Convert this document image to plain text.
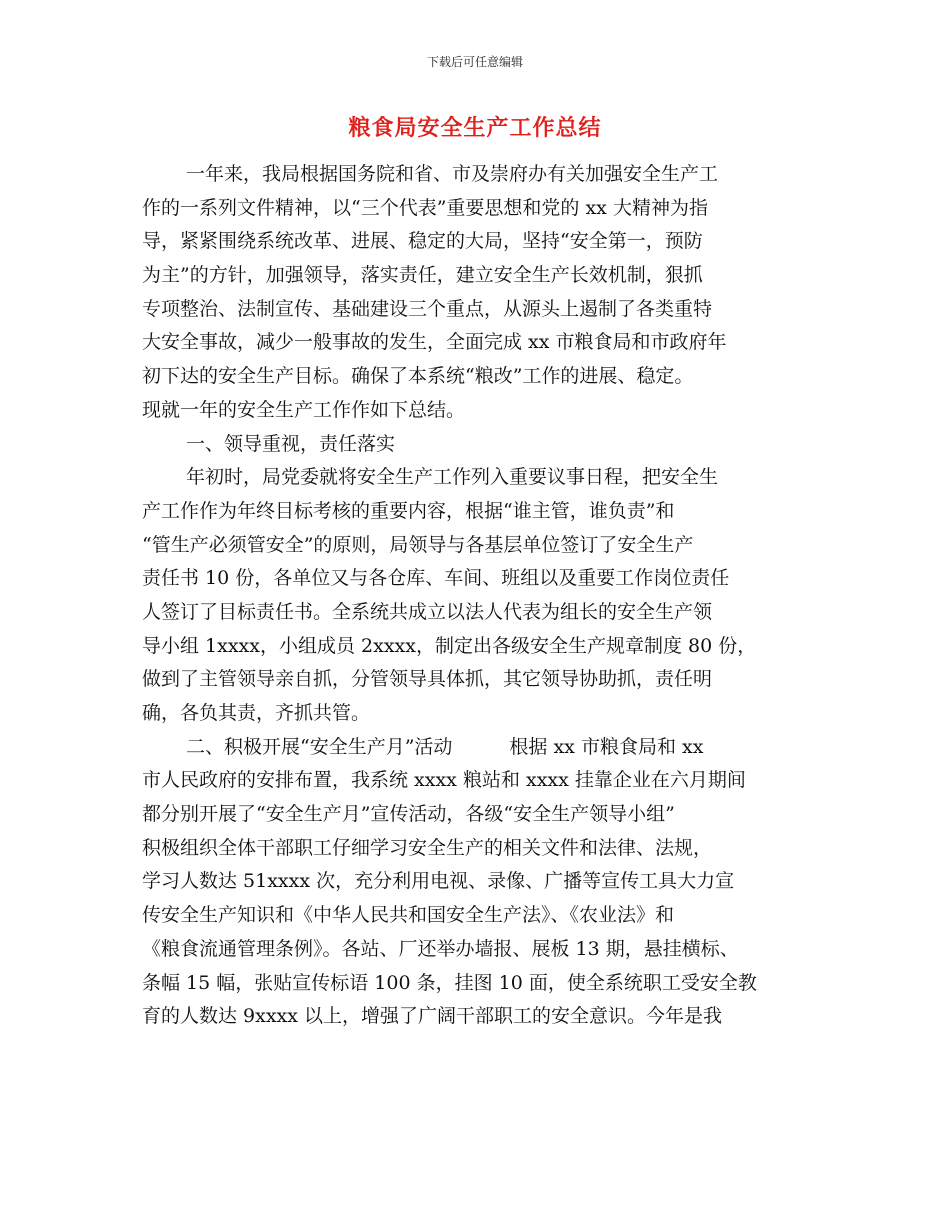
下载后可任意编辑
粮食局安全生产工作总结
一年来，我局根据国务院和省、市及崇府办有关加强安全生产工
作的一系列文件精神，以“三个代表”重要思想和党的 xx 大精神为指
导，紧紧围绕系统改革、进展、稳定的大局，坚持“安全第一，预防
为主”的方针，加强领导，落实责任，建立安全生产长效机制，狠抓
专项整治、法制宣传、基础建设三个重点，从源头上遏制了各类重特
大安全事故，减少一般事故的发生，全面完成 xx 市粮食局和市政府年
初下达的安全生产目标。确保了本系统“粮改”工作的进展、稳定。
现就一年的安全生产工作作如下总结。
一、领导重视，责任落实
年初时，局党委就将安全生产工作列入重要议事日程，把安全生
产工作作为年终目标考核的重要内容，根据“谁主管，谁负责”和
“管生产必须管安全”的原则，局领导与各基层单位签订了安全生产
责任书 10 份，各单位又与各仓库、车间、班组以及重要工作岗位责任
人签订了目标责任书。全系统共成立以法人代表为组长的安全生产领
导小组 1xxxx，小组成员 2xxxx，制定出各级安全生产规章制度 80 份，
做到了主管领导亲自抓，分管领导具体抓，其它领导协助抓，责任明
确，各负其责，齐抓共管。
二、积极开展“安全生产月”活动　　　根据 xx 市粮食局和 xx
市人民政府的安排布置，我系统 xxxx 粮站和 xxxx 挂靠企业在六月期间
都分别开展了“安全生产月”宣传活动，各级“安全生产领导小组”
积极组织全体干部职工仔细学习安全生产的相关文件和法律、法规，
学习人数达 51xxxx 次，充分利用电视、录像、广播等宣传工具大力宣
传安全生产知识和《中华人民共和国安全生产法》、《农业法》和
《粮食流通管理条例》。各站、厂还举办墙报、展板 13 期，悬挂横标、
条幅 15 幅，张贴宣传标语 100 条，挂图 10 面，使全系统职工受安全教
育的人数达 9xxxx 以上，增强了广阔干部职工的安全意识。今年是我
